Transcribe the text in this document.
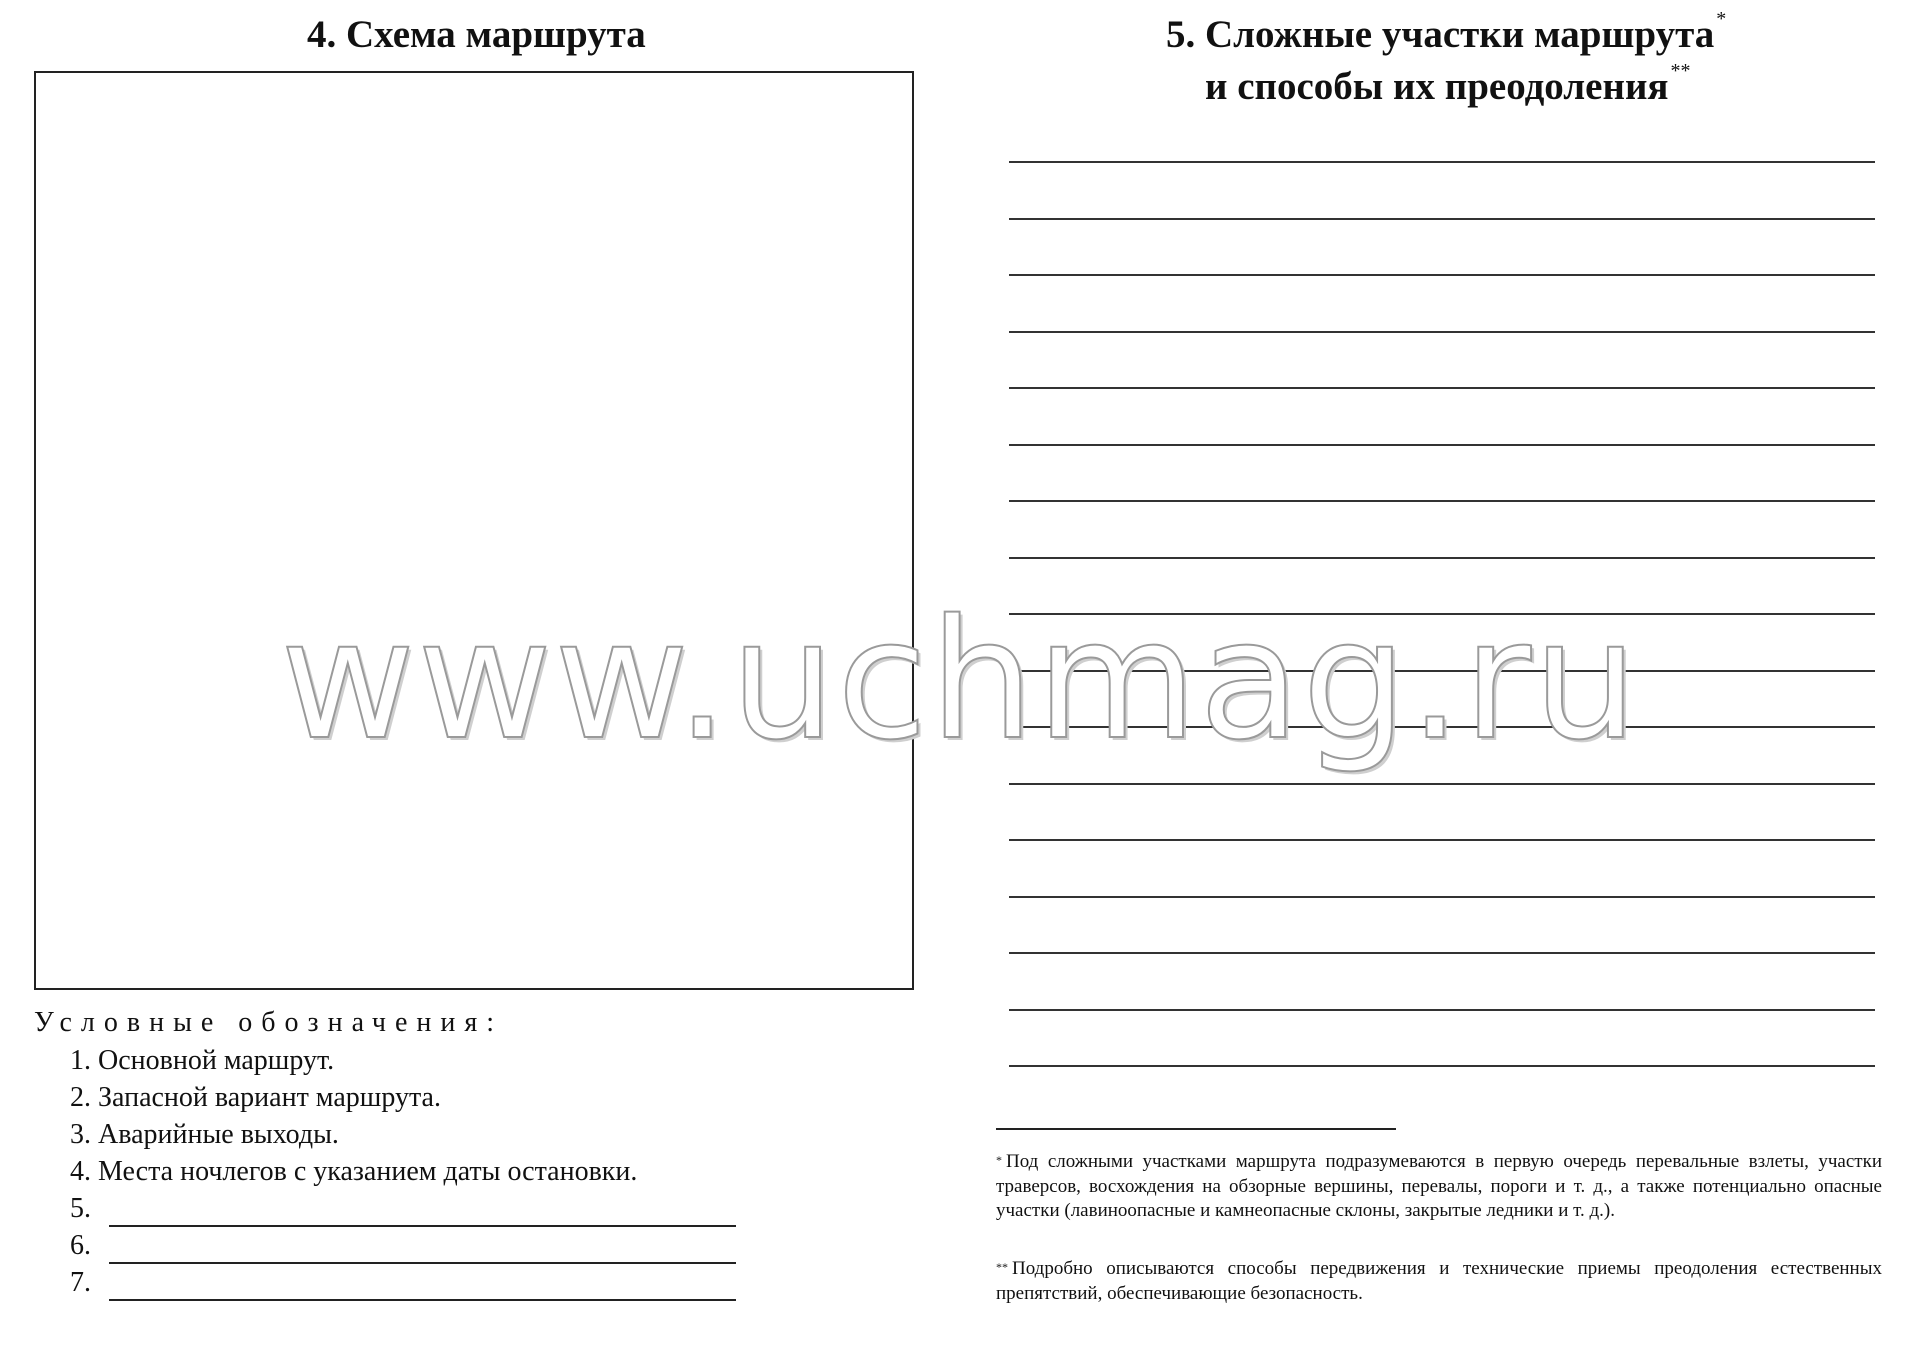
4. Схема маршрута
Условные обозначения:
1. Основной маршрут.
2. Запасной вариант маршрута.
3. Аварийные выходы.
4. Места ночлегов с указанием даты остановки.
5.
6.
7.
5. Сложные участки маршрута *
и способы их преодоления **
* Под сложными участками маршрута подразумеваются в первую очередь перевальные взлеты, участки траверсов, восхождения на обзорные вершины, перевалы, пороги и т. д., а также потенциально опасные участки (лавиноопасные и камнеопасные склоны, закрытые ледники и т. д.).
** Подробно описываются способы передвижения и технические приемы преодоления естественных препятствий, обеспечивающие безопасность.
www.uchmag.ru
